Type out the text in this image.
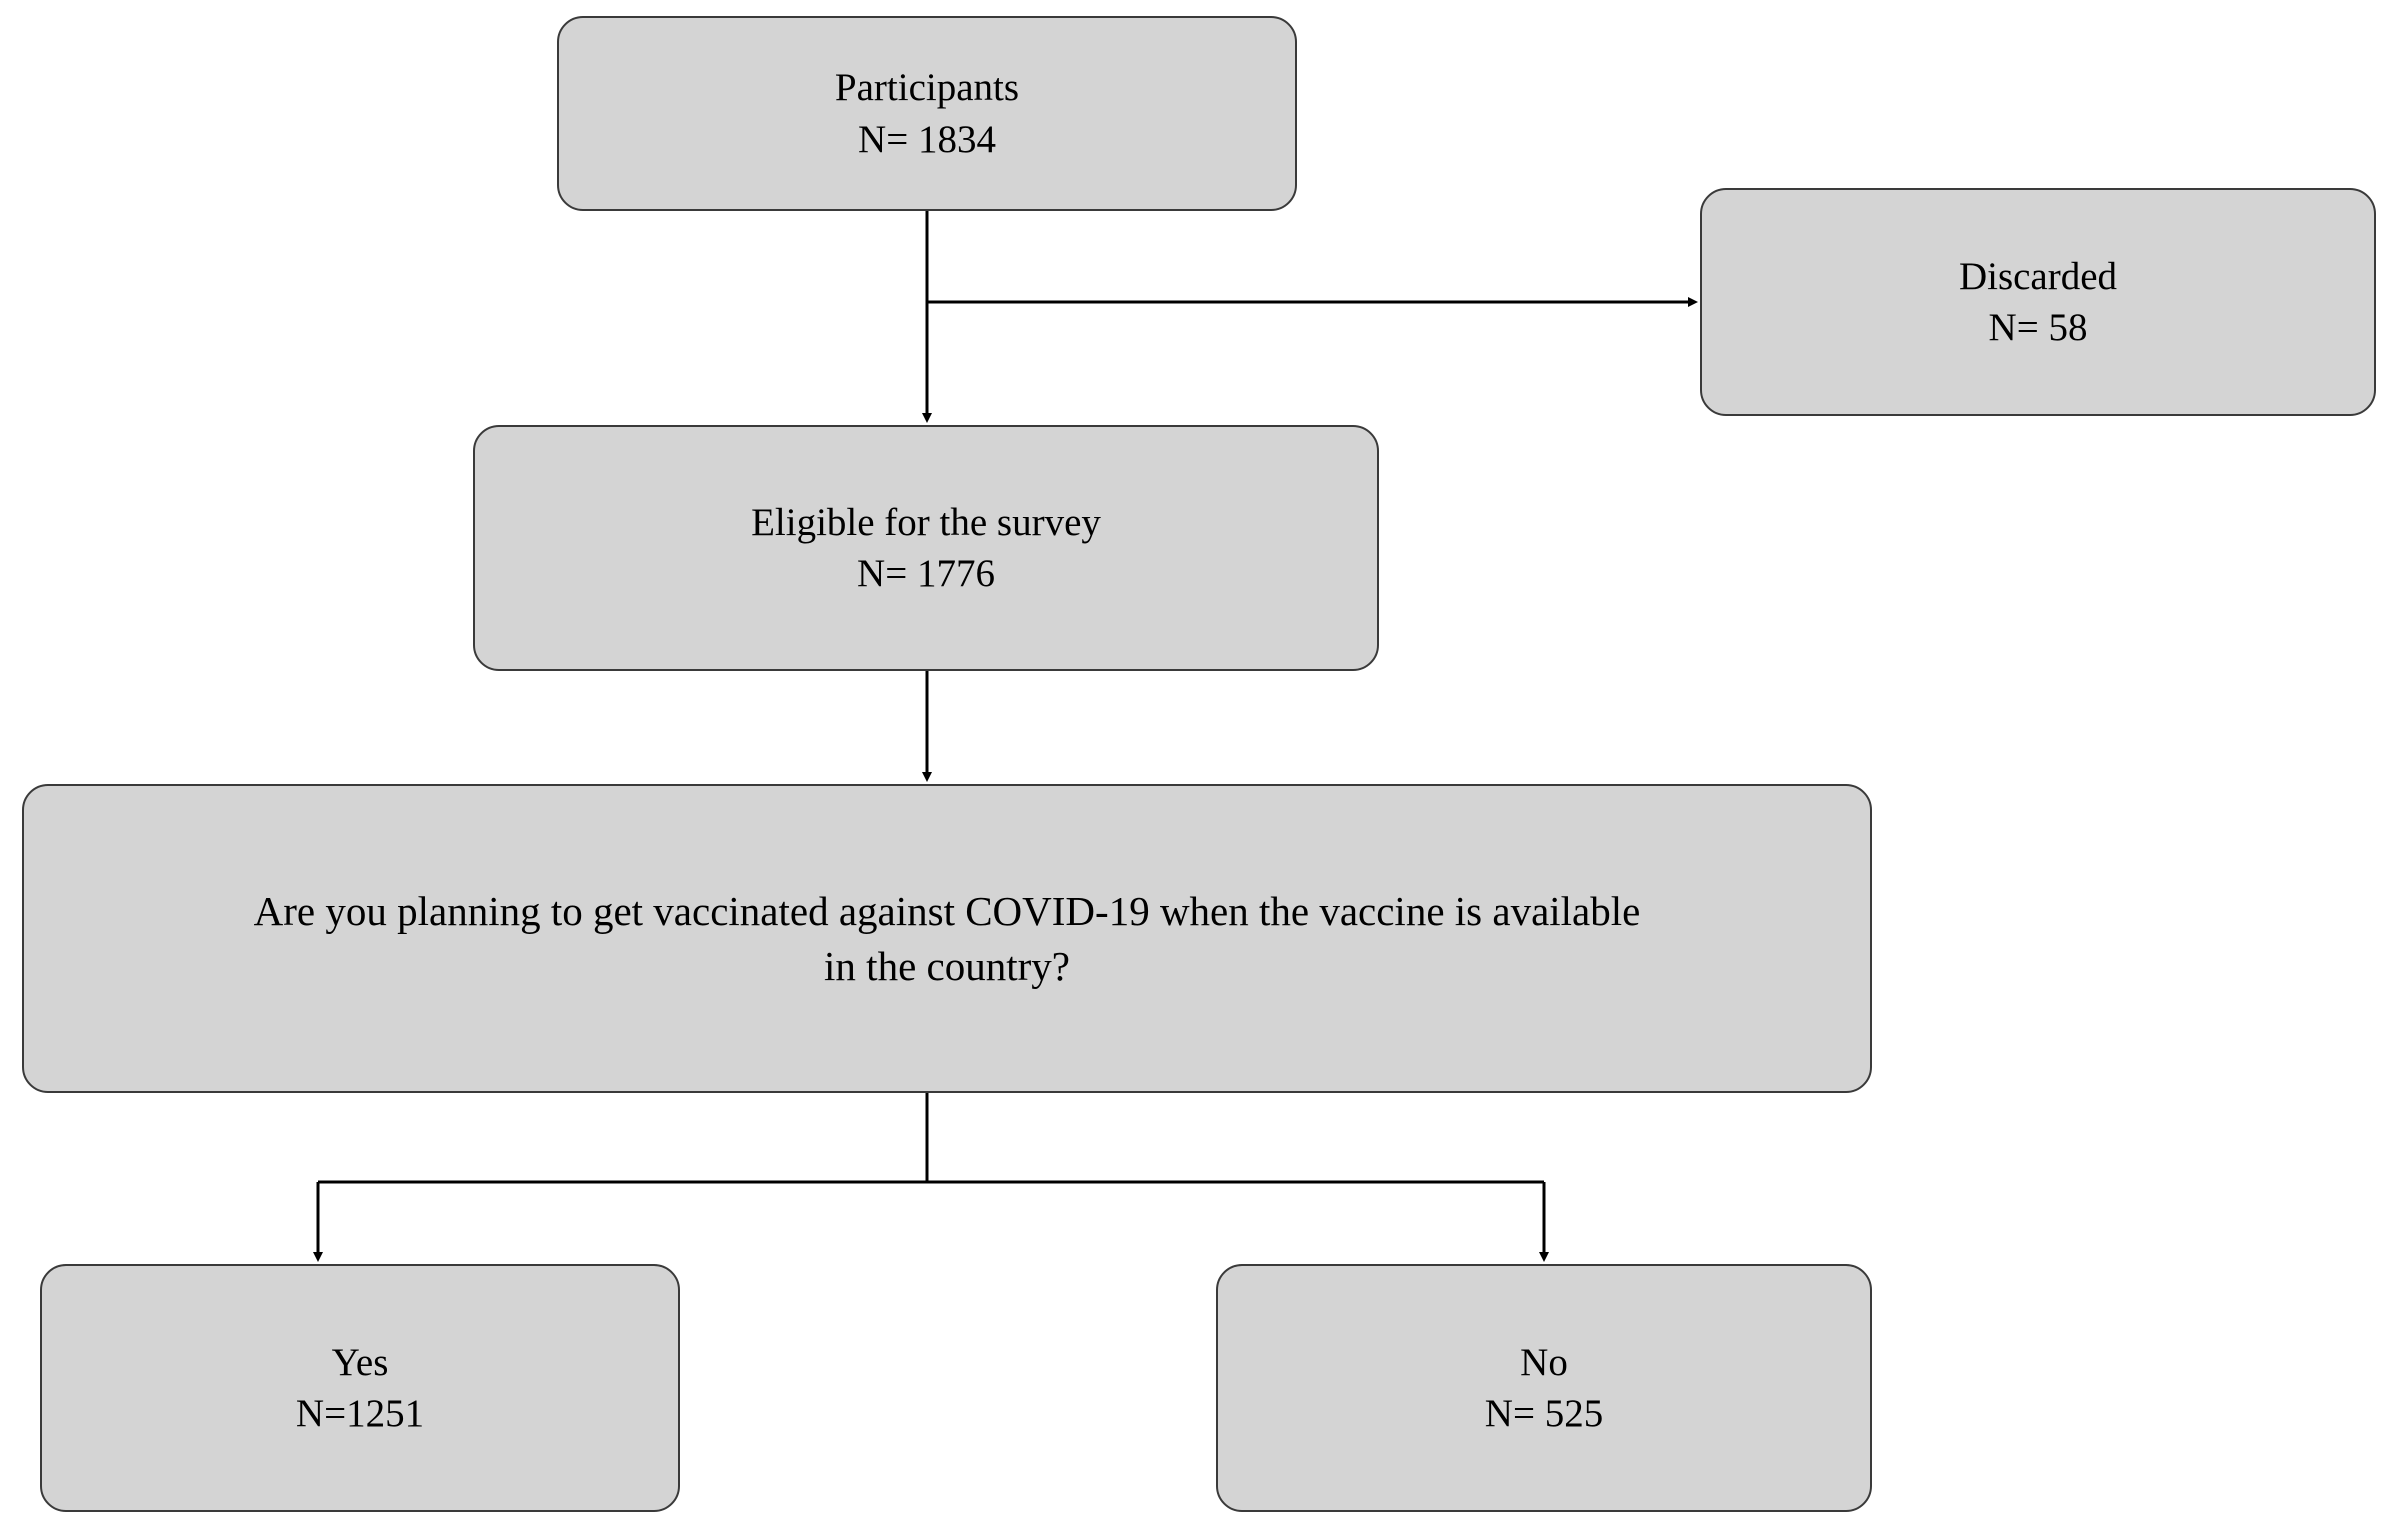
Participants
N= 1834
Discarded
N= 58
Eligible for the survey
N= 1776
Are you planning to get vaccinated against COVID-19 when the vaccine is available
in the country?
Yes
N=1251
No
N= 525
